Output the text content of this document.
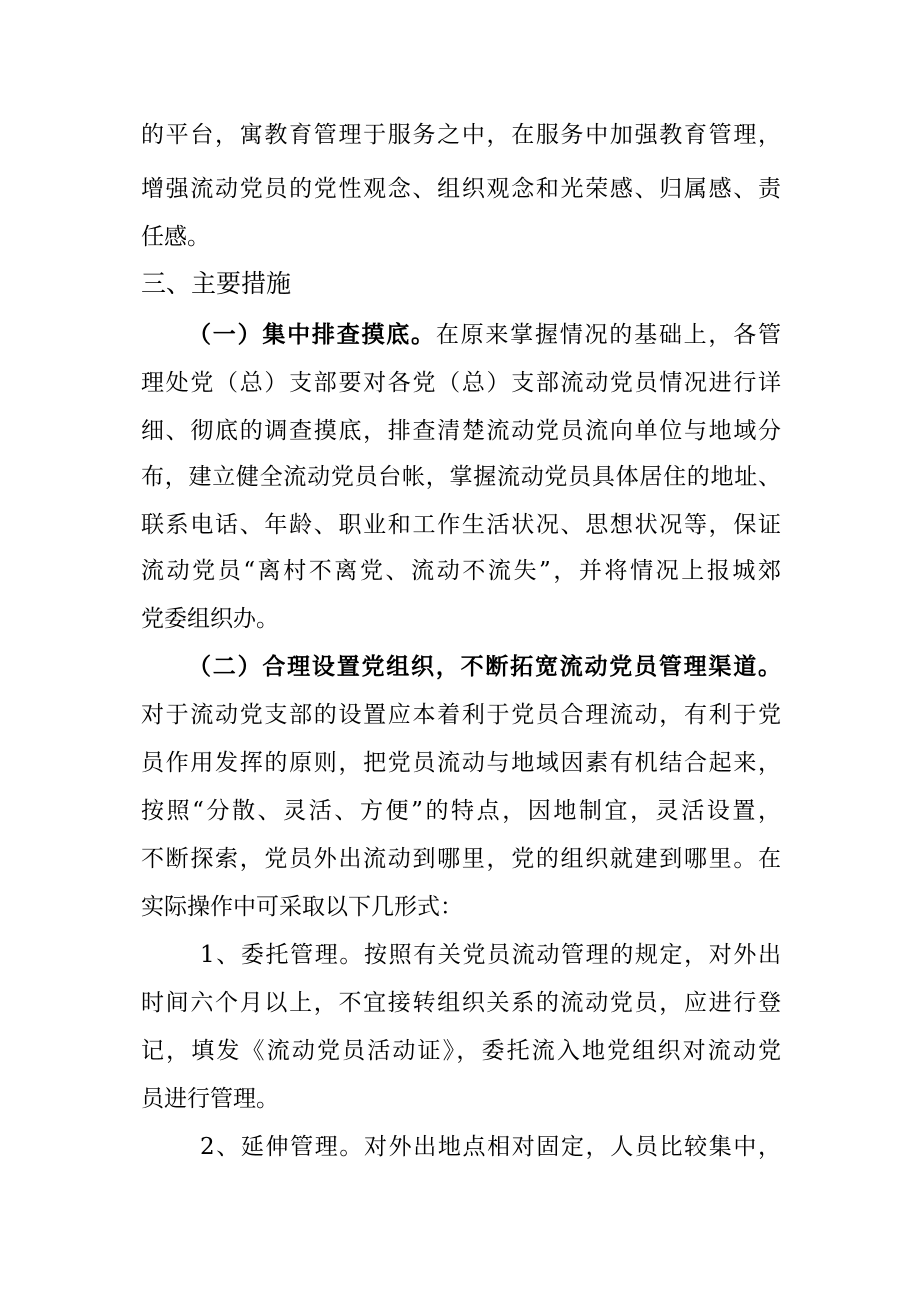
的平台，寓教育管理于服务之中，在服务中加强教育管理，
增强流动党员的党性观念、组织观念和光荣感、归属感、责
任感。
三、主要措施
（一）集中排查摸底。在原来掌握情况的基础上，各管
理处党（总）支部要对各党（总）支部流动党员情况进行详
细、彻底的调查摸底，排查清楚流动党员流向单位与地域分
布，建立健全流动党员台帐，掌握流动党员具体居住的地址、
联系电话、年龄、职业和工作生活状况、思想状况等，保证
流动党员“离村不离党、流动不流失”，并将情况上报城郊
党委组织办。
（二）合理设置党组织，不断拓宽流动党员管理渠道。
对于流动党支部的设置应本着利于党员合理流动，有利于党
员作用发挥的原则，把党员流动与地域因素有机结合起来，
按照“分散、灵活、方便”的特点，因地制宜，灵活设置，
不断探索，党员外出流动到哪里，党的组织就建到哪里。在
实际操作中可采取以下几形式：
1、委托管理。按照有关党员流动管理的规定，对外出
时间六个月以上，不宜接转组织关系的流动党员，应进行登
记，填发《流动党员活动证》，委托流入地党组织对流动党
员进行管理。
2、延伸管理。对外出地点相对固定，人员比较集中，
